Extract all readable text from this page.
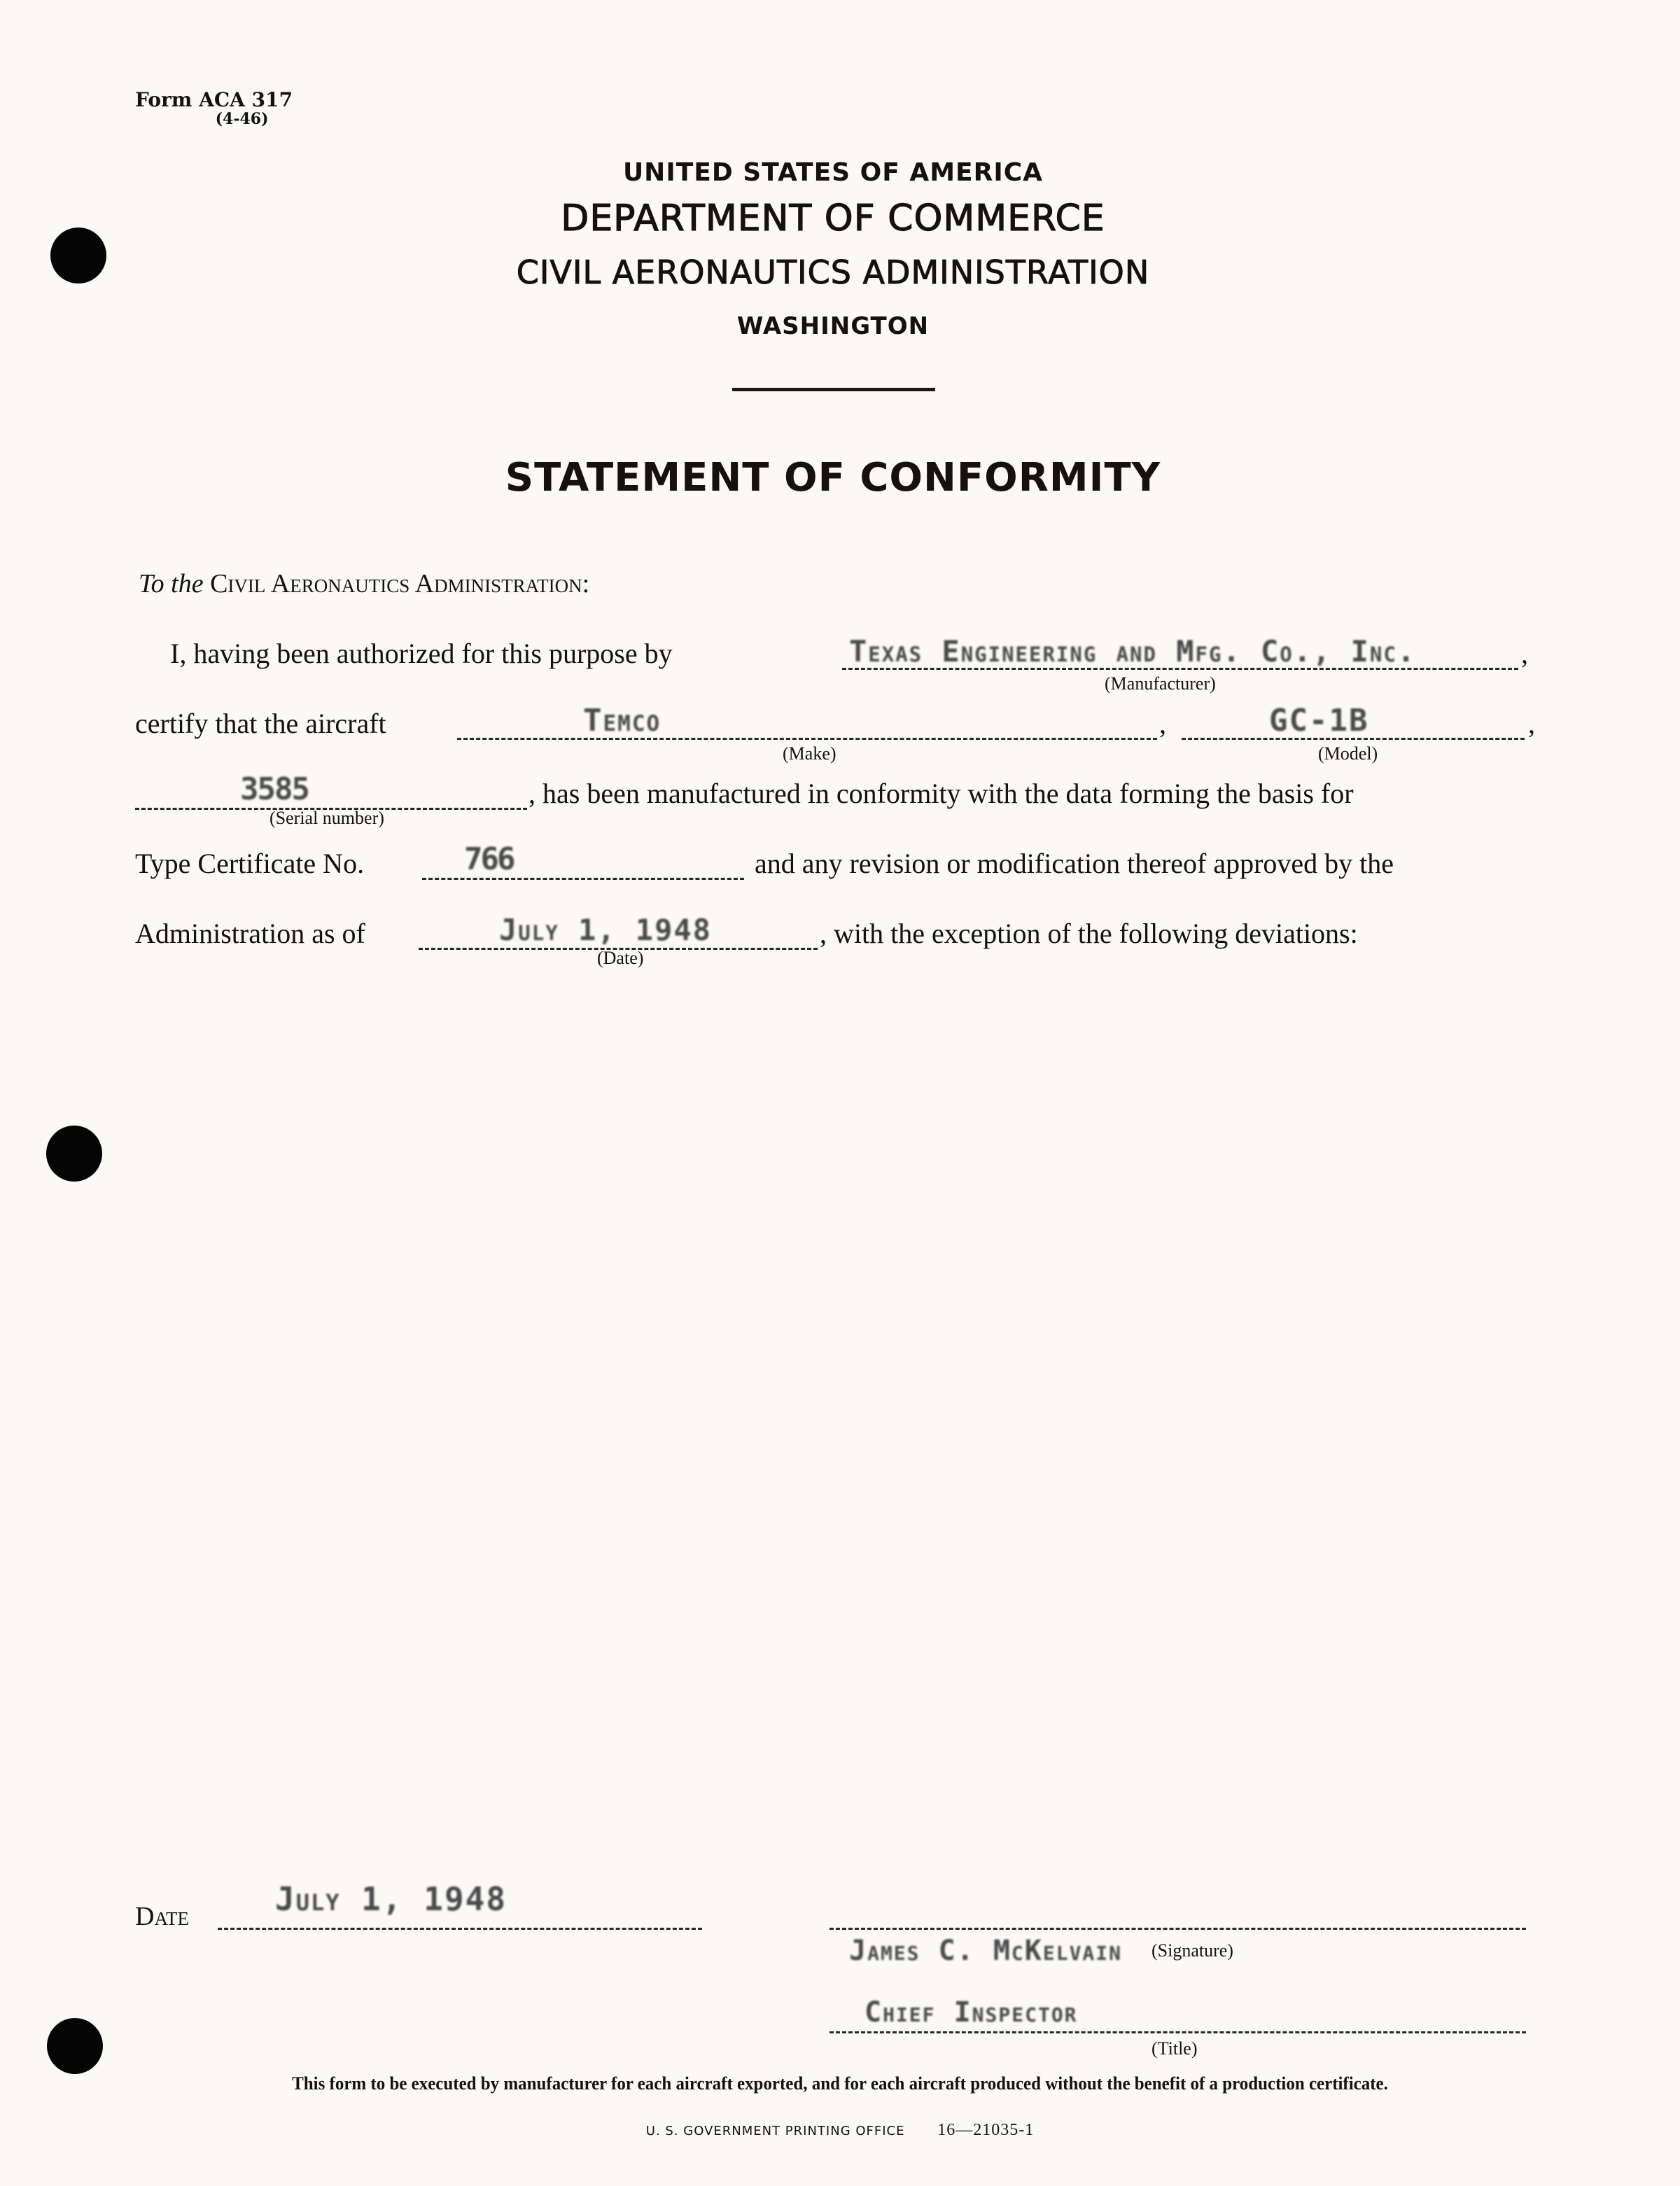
Form ACA 317
(4-46)
UNITED STATES OF AMERICA
DEPARTMENT OF COMMERCE
CIVIL AERONAUTICS ADMINISTRATION
WASHINGTON
STATEMENT OF CONFORMITY
To the Civil Aeronautics Administration:
I, having been authorized for this purpose by	Texas Engineering and Mfg. Co., Inc.	,
(Manufacturer)
certify that the aircraft	Temco	,
(Make)
GC-1B	,
(Model)
3585
(Serial number)
, has been manufactured in conformity with the data forming the basis for
Type Certificate No.	766	and any revision or modification thereof approved by the
Administration as of	July 1, 1948
(Date)
, with the exception of the following deviations:
Date	July 1, 1948
James C. McKelvain (Signature)
Chief Inspector
(Title)
This form to be executed by manufacturer for each aircraft exported, and for each aircraft produced without the benefit of a production certificate.
U. S. GOVERNMENT PRINTING OFFICE 16—21035-1
